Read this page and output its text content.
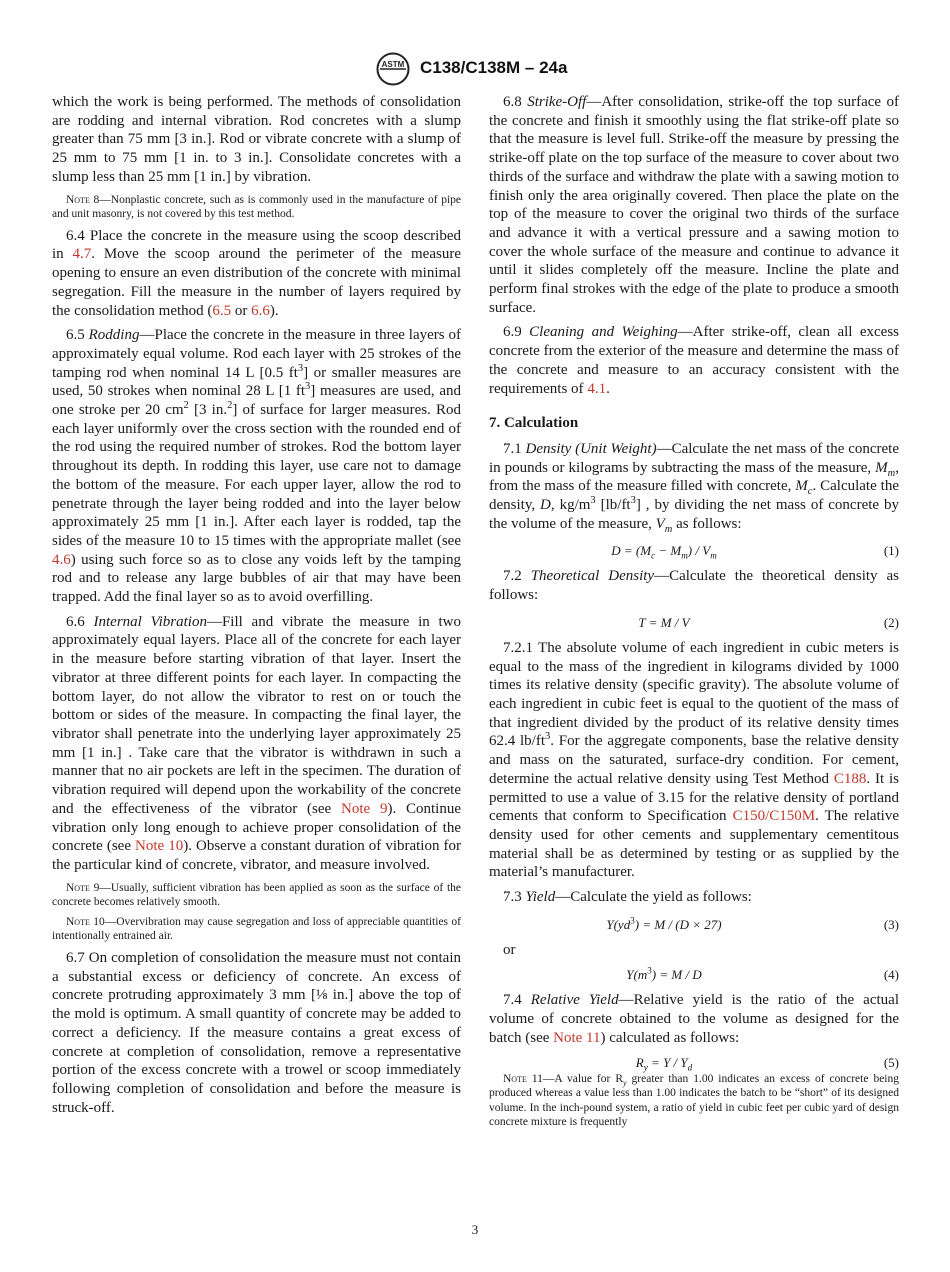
ASTM C138/C138M – 24a

which the work is being performed. The methods of consolidation are rodding and internal vibration. Rod concretes with a slump greater than 75 mm [3 in.]. Rod or vibrate concrete with a slump of 25 mm to 75 mm [1 in. to 3 in.]. Consolidate concretes with a slump less than 25 mm [1 in.] by vibration.

Note 8—Nonplastic concrete, such as is commonly used in the manufacture of pipe and unit masonry, is not covered by this test method.

6.4 Place the concrete in the measure using the scoop described in 4.7. Move the scoop around the perimeter of the measure opening to ensure an even distribution of the concrete with minimal segregation. Fill the measure in the number of layers required by the consolidation method (6.5 or 6.6).

6.5 Rodding—Place the concrete in the measure in three layers of approximately equal volume. Rod each layer with 25 strokes of the tamping rod when nominal 14 L [0.5 $ft^3$] or smaller measures are used, 50 strokes when nominal 28 L [1 $ft^3$] measures are used, and one stroke per 20 $cm^2$ [3 in.$^2$] of surface for larger measures. Rod each layer uniformly over the cross section with the rounded end of the rod using the required number of strokes. Rod the bottom layer throughout its depth. In rodding this layer, use care not to damage the bottom of the measure. For each upper layer, allow the rod to penetrate through the layer being rodded and into the layer below approximately 25 mm [1 in.]. After each layer is rodded, tap the sides of the measure 10 to 15 times with the appropriate mallet (see 4.6) using such force so as to close any voids left by the tamping rod and to release any large bubbles of air that may have been trapped. Add the final layer so as to avoid overfilling.

6.6 Internal Vibration—Fill and vibrate the measure in two approximately equal layers. Place all of the concrete for each layer in the measure before starting vibration of that layer. Insert the vibrator at three different points for each layer. In compacting the bottom layer, do not allow the vibrator to rest on or touch the bottom or sides of the measure. In compacting the final layer, the vibrator shall penetrate into the underlying layer approximately 25 mm [1 in.] . Take care that the vibrator is withdrawn in such a manner that no air pockets are left in the specimen. The duration of vibration required will depend upon the workability of the concrete and the effectiveness of the vibrator (see Note 9). Continue vibration only long enough to achieve proper consolidation of the concrete (see Note 10). Observe a constant duration of vibration for the particular kind of concrete, vibrator, and measure involved.

Note 9—Usually, sufficient vibration has been applied as soon as the surface of the concrete becomes relatively smooth.
Note 10—Overvibration may cause segregation and loss of appreciable quantities of intentionally entrained air.

6.7 On completion of consolidation the measure must not contain a substantial excess or deficiency of concrete. An excess of concrete protruding approximately 3 mm [⅛ in.] above the top of the mold is optimum. A small quantity of concrete may be added to correct a deficiency. If the measure contains a great excess of concrete at completion of consolidation, remove a representative portion of the excess concrete with a trowel or scoop immediately following completion of consolidation and before the measure is struck-off.

6.8 Strike-Off—After consolidation, strike-off the top surface of the concrete and finish it smoothly using the flat strike-off plate so that the measure is level full. Strike-off the measure by pressing the strike-off plate on the top surface of the measure to cover about two thirds of the surface and withdraw the plate with a sawing motion to finish only the area originally covered. Then place the plate on the top of the measure to cover the original two thirds of the surface and advance it with a vertical pressure and a sawing motion to cover the whole surface of the measure and continue to advance it until it slides completely off the measure. Incline the plate and perform final strokes with the edge of the plate to produce a smooth surface.

6.9 Cleaning and Weighing—After strike-off, clean all excess concrete from the exterior of the measure and determine the mass of the concrete and measure to an accuracy consistent with the requirements of 4.1.

7. Calculation

7.1 Density (Unit Weight)—Calculate the net mass of the concrete in pounds or kilograms by subtracting the mass of the measure, $M_m$, from the mass of the measure filled with concrete, $M_c$. Calculate the density, D, $kg/m^3$ $[lb/ft^3]$ , by dividing the net mass of concrete by the volume of the measure, $V_m$ as follows:

$D = (M_c - M_m) / V_m$	(1)

7.2 Theoretical Density—Calculate the theoretical density as follows:

T = M / V	(2)

7.2.1 The absolute volume of each ingredient in cubic meters is equal to the mass of the ingredient in kilograms divided by 1000 times its relative density (specific gravity). The absolute volume of each ingredient in cubic feet is equal to the quotient of the mass of that ingredient divided by the product of its relative density times 62.4 $lb/ft^3$. For the aggregate components, base the relative density and mass on the saturated, surface-dry condition. For cement, determine the actual relative density using Test Method C188. It is permitted to use a value of 3.15 for the relative density of portland cements that conform to Specification C150/C150M. The relative density used for other cements and supplementary cementitous material shall be as determined by testing or as supplied by the material’s manufacturer.

7.3 Yield—Calculate the yield as follows:

$Y(yd^3) = M / (D \times 27)$	(3)
or
$Y(m^3) = M / D$	(4)

7.4 Relative Yield—Relative yield is the ratio of the actual volume of concrete obtained to the volume as designed for the batch (see Note 11) calculated as follows:

$R_y = Y / Y_d$	(5)
Note 11—A value for $R_y$ greater than 1.00 indicates an excess of concrete being produced whereas a value less than 1.00 indicates the batch to be “short” of its designed volume. In the inch-pound system, a ratio of yield in cubic feet per cubic yard of design concrete mixture is frequently
3
